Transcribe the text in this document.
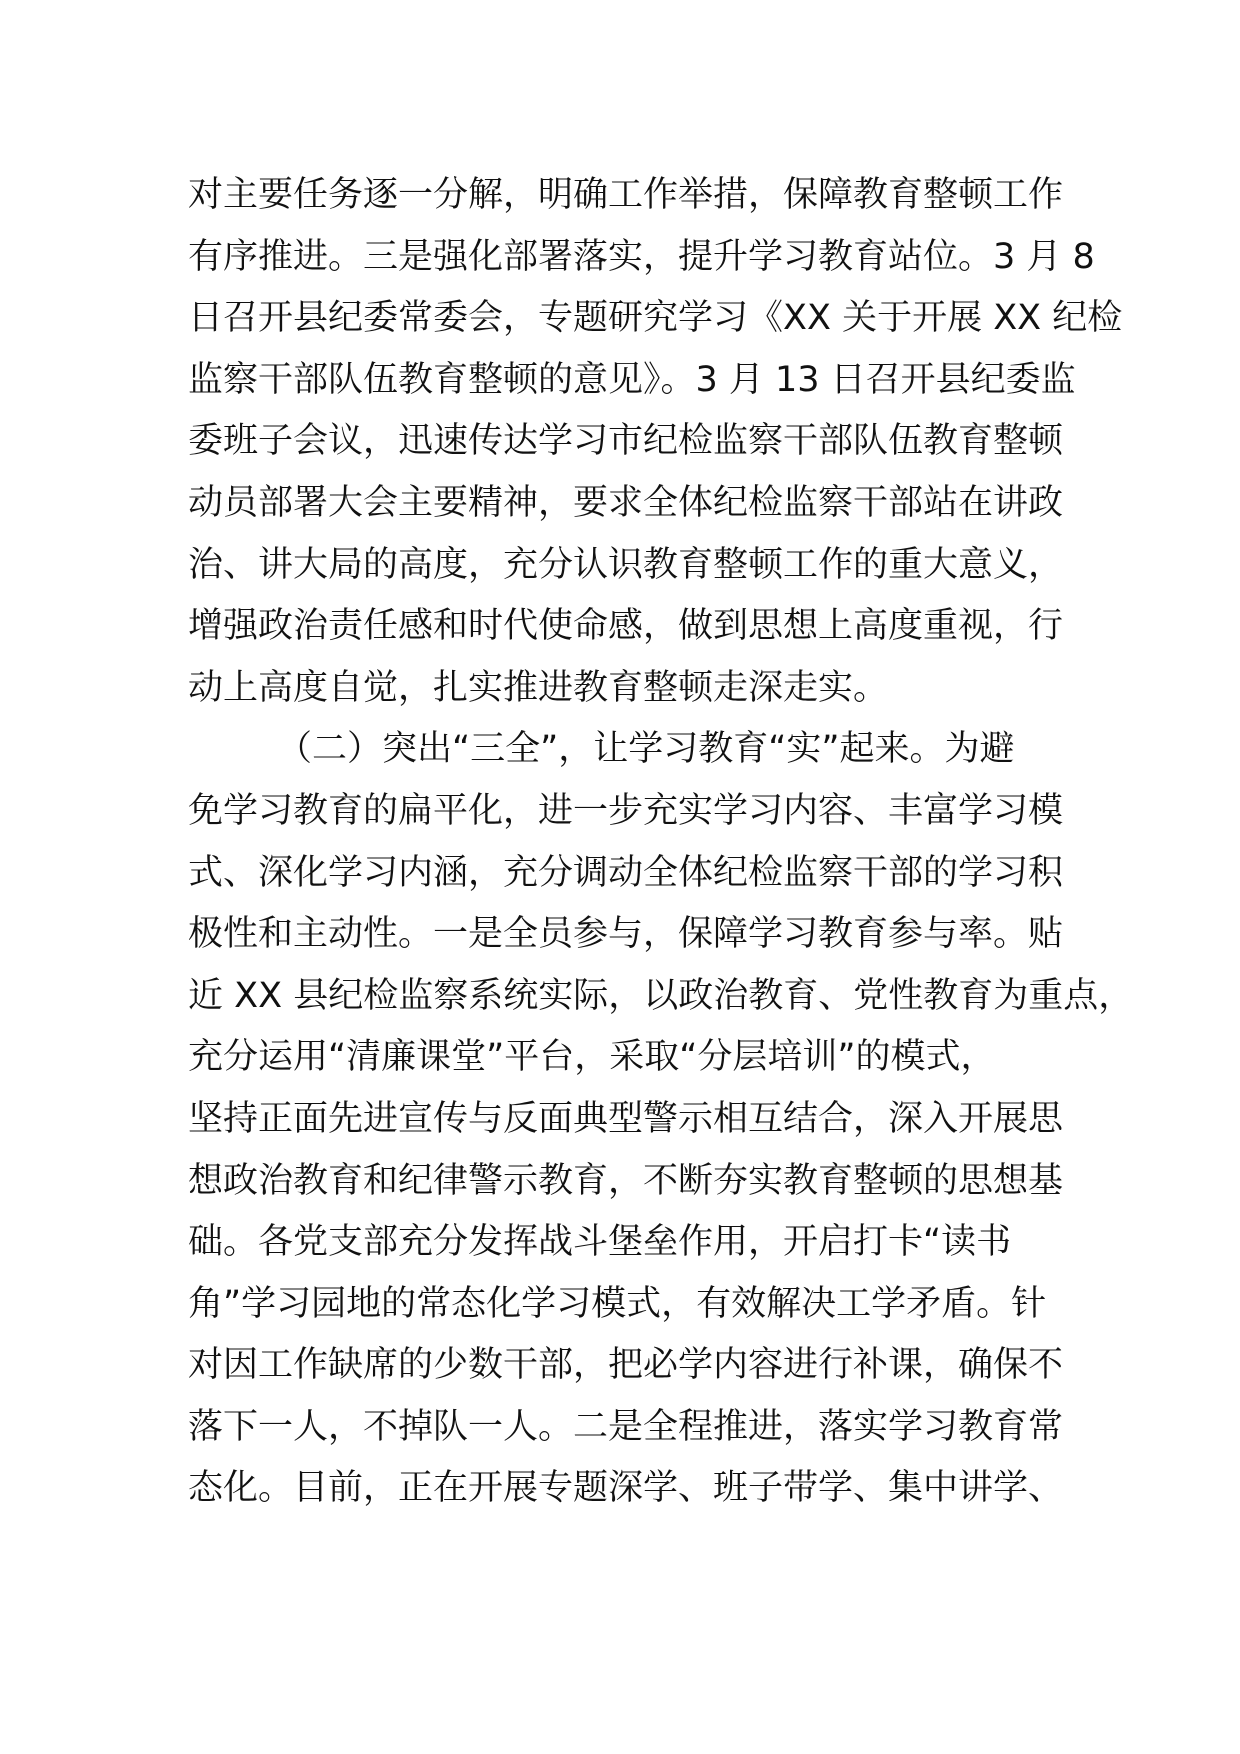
对主要任务逐一分解，明确工作举措，保障教育整顿工作
有序推进。三是强化部署落实，提升学习教育站位。3 月 8
日召开县纪委常委会，专题研究学习《XX 关于开展 XX 纪检
监察干部队伍教育整顿的意见》。3 月 13 日召开县纪委监
委班子会议，迅速传达学习市纪检监察干部队伍教育整顿
动员部署大会主要精神，要求全体纪检监察干部站在讲政
治、讲大局的高度，充分认识教育整顿工作的重大意义，
增强政治责任感和时代使命感，做到思想上高度重视，行
动上高度自觉，扎实推进教育整顿走深走实。
（二）突出“三全”，让学习教育“实”起来。为避
免学习教育的扁平化，进一步充实学习内容、丰富学习模
式、深化学习内涵，充分调动全体纪检监察干部的学习积
极性和主动性。一是全员参与，保障学习教育参与率。贴
近 XX 县纪检监察系统实际，以政治教育、党性教育为重点，
充分运用“清廉课堂”平台，采取“分层培训”的模式，
坚持正面先进宣传与反面典型警示相互结合，深入开展思
想政治教育和纪律警示教育，不断夯实教育整顿的思想基
础。各党支部充分发挥战斗堡垒作用，开启打卡“读书
角”学习园地的常态化学习模式，有效解决工学矛盾。针
对因工作缺席的少数干部，把必学内容进行补课，确保不
落下一人，不掉队一人。二是全程推进，落实学习教育常
态化。目前，正在开展专题深学、班子带学、集中讲学、
